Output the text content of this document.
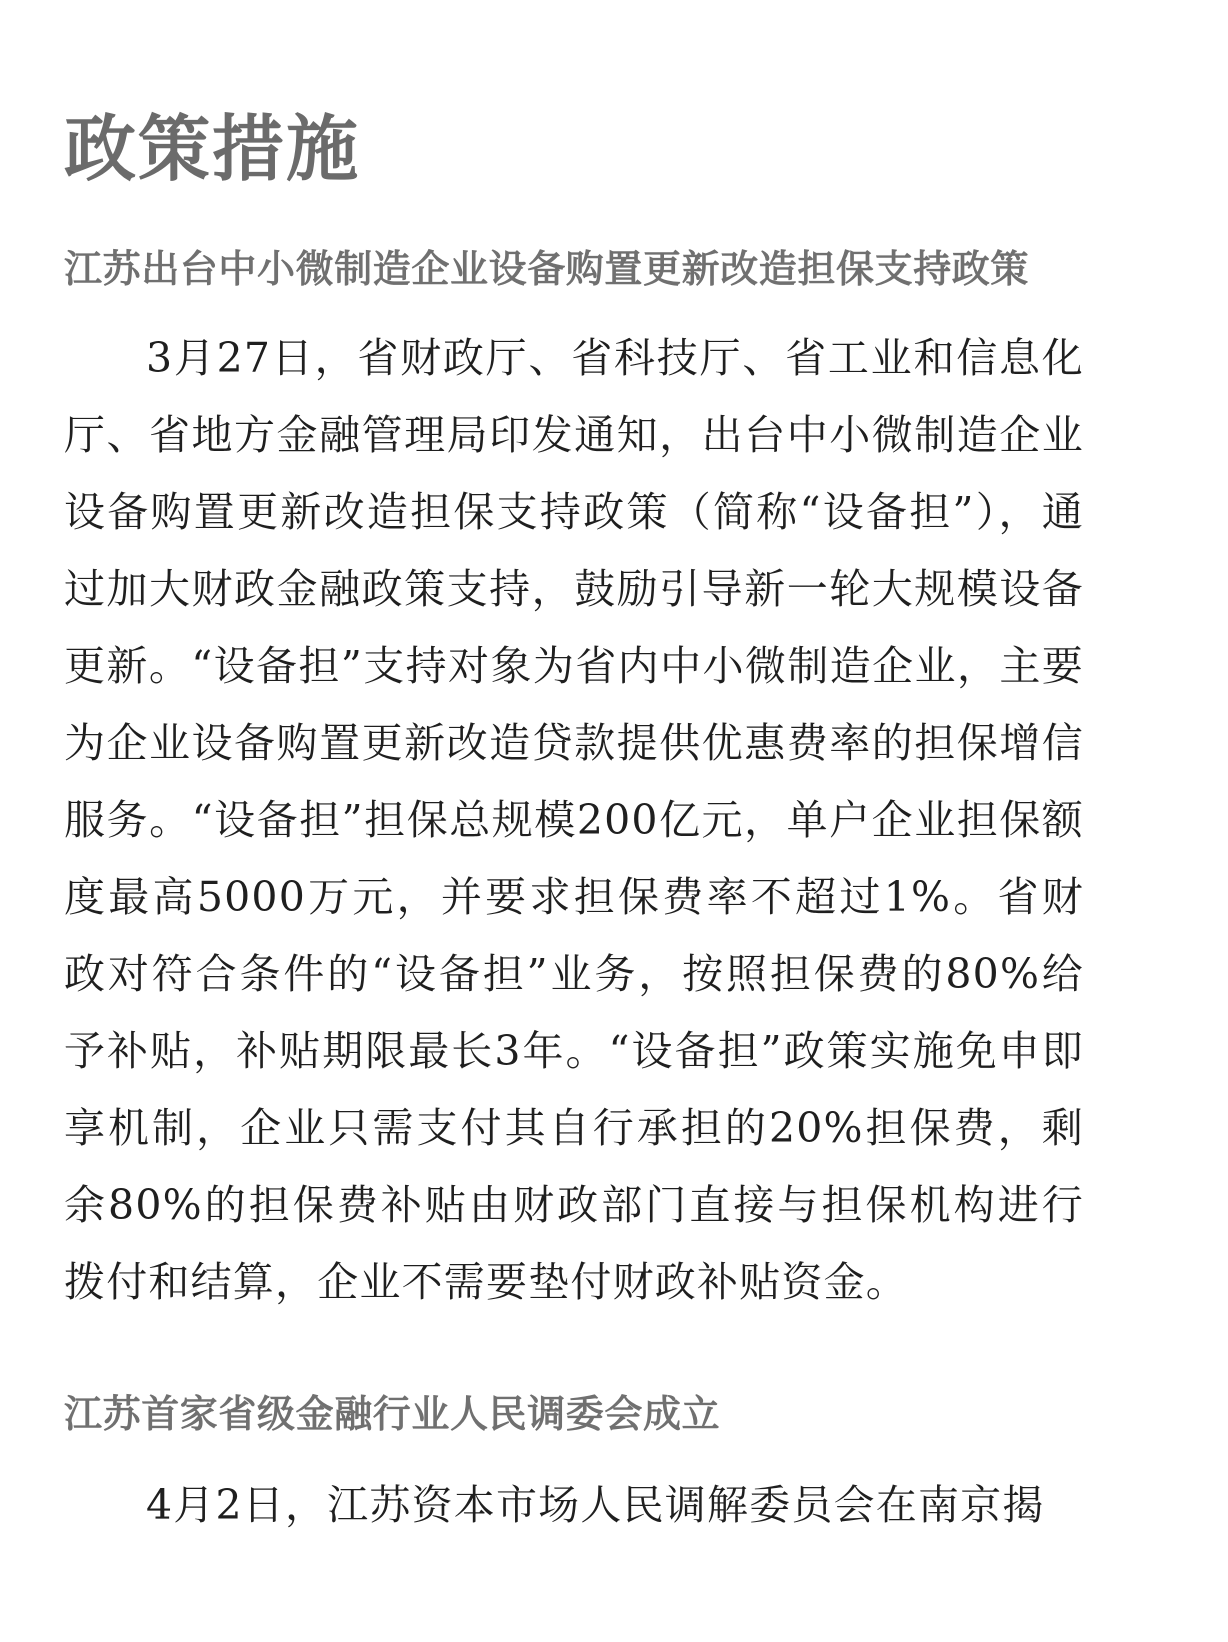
政策措施
江苏出台中小微制造企业设备购置更新改造担保支持政策

3月27日，省财政厅、省科技厅、省工业和信息化厅、省地方金融管理局印发通知，出台中小微制造企业设备购置更新改造担保支持政策（简称“设备担”），通过加大财政金融政策支持，鼓励引导新一轮大规模设备更新。“设备担”支持对象为省内中小微制造企业，主要为企业设备购置更新改造贷款提供优惠费率的担保增信服务。“设备担”担保总规模200亿元，单户企业担保额度最高5000万元，并要求担保费率不超过1%。省财政对符合条件的“设备担”业务，按照担保费的80%给予补贴，补贴期限最长3年。“设备担”政策实施免申即享机制，企业只需支付其自行承担的20%担保费，剩余80%的担保费补贴由财政部门直接与担保机构进行拨付和结算，企业不需要垫付财政补贴资金。

江苏首家省级金融行业人民调委会成立

4月2日，江苏资本市场人民调解委员会在南京揭
